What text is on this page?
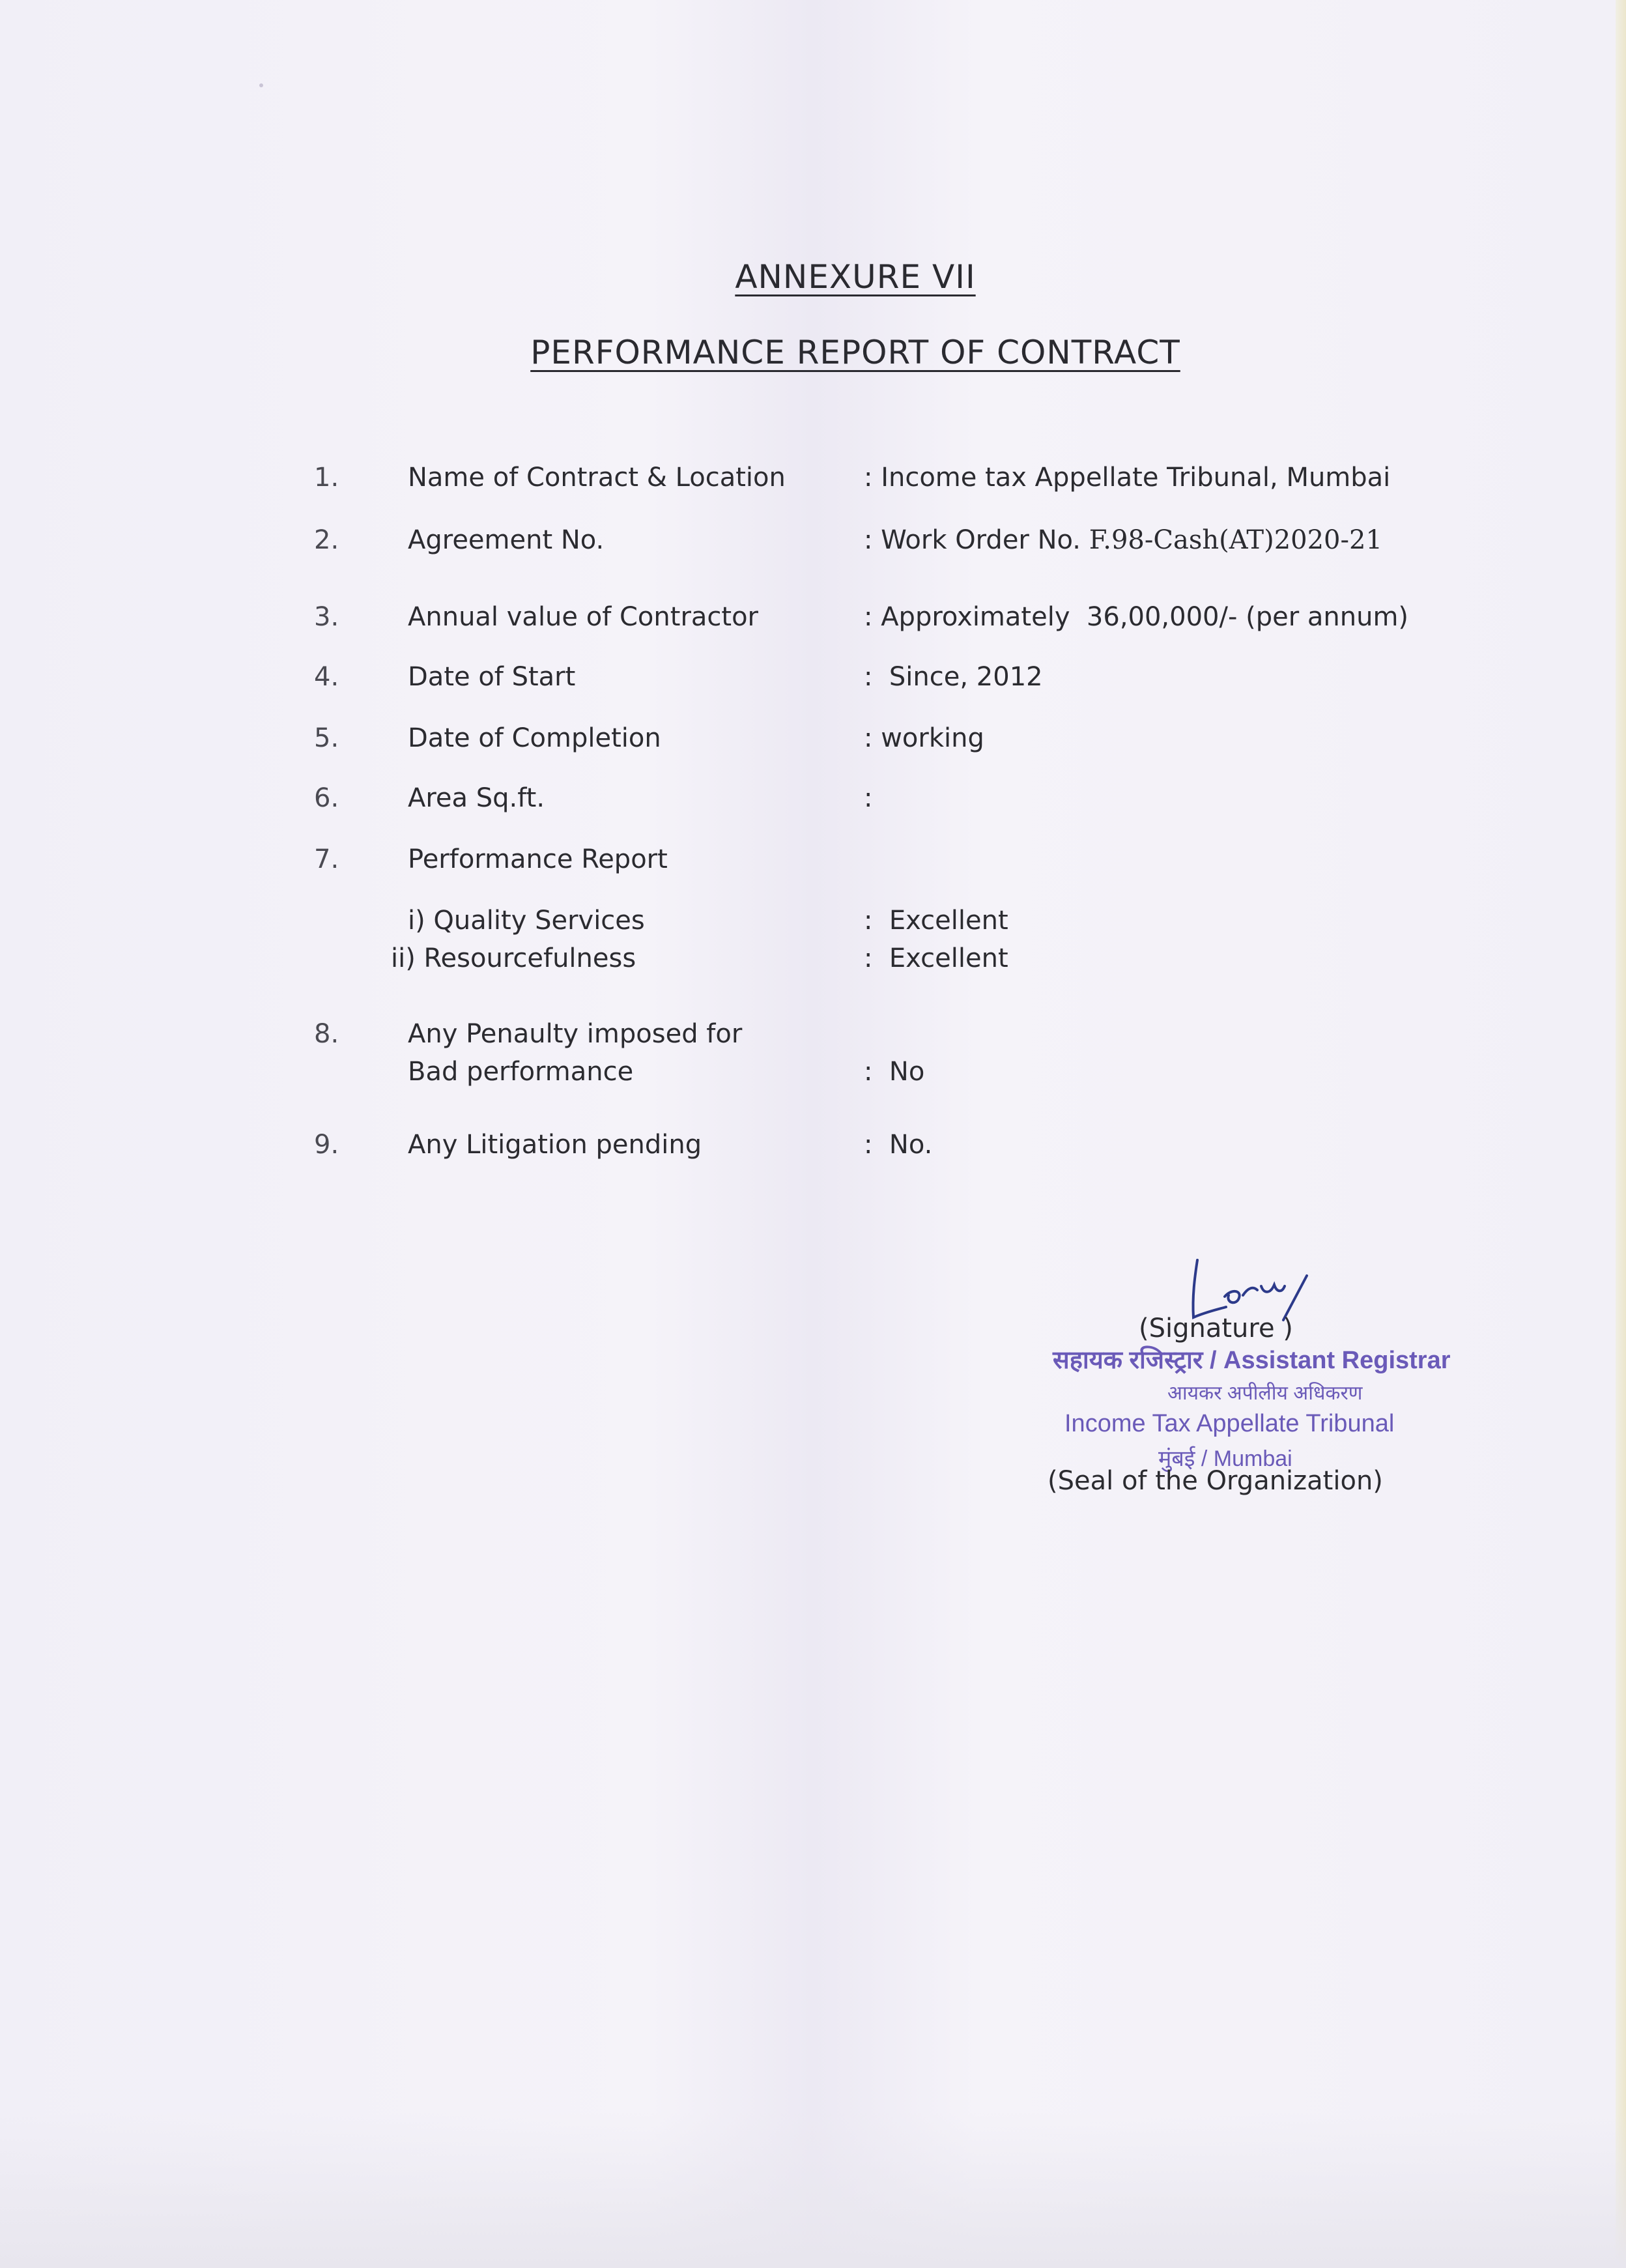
ANNEXURE VII
PERFORMANCE REPORT OF CONTRACT
1.	Name of Contract & Location	: Income tax Appellate Tribunal, Mumbai
2.	Agreement No.	: Work Order No. F.98-Cash(AT)2020-21
3.	Annual value of Contractor	: Approximately  36,00,000/- (per annum)
4.	Date of Start	:  Since, 2012
5.	Date of Completion	: working
6.	Area Sq.ft.	:
7.	Performance Report
i) Quality Services	:  Excellent
ii) Resourcefulness	:  Excellent
8.	Any Penaulty imposed for
Bad performance	:  No
9.	Any Litigation pending	:  No.
(Signature )
सहायक रजिस्ट्रार / Assistant Registrar
आयकर अपीलीय अधिकरण
Income Tax Appellate Tribunal
मुंबई / Mumbai
(Seal of the Organization)
